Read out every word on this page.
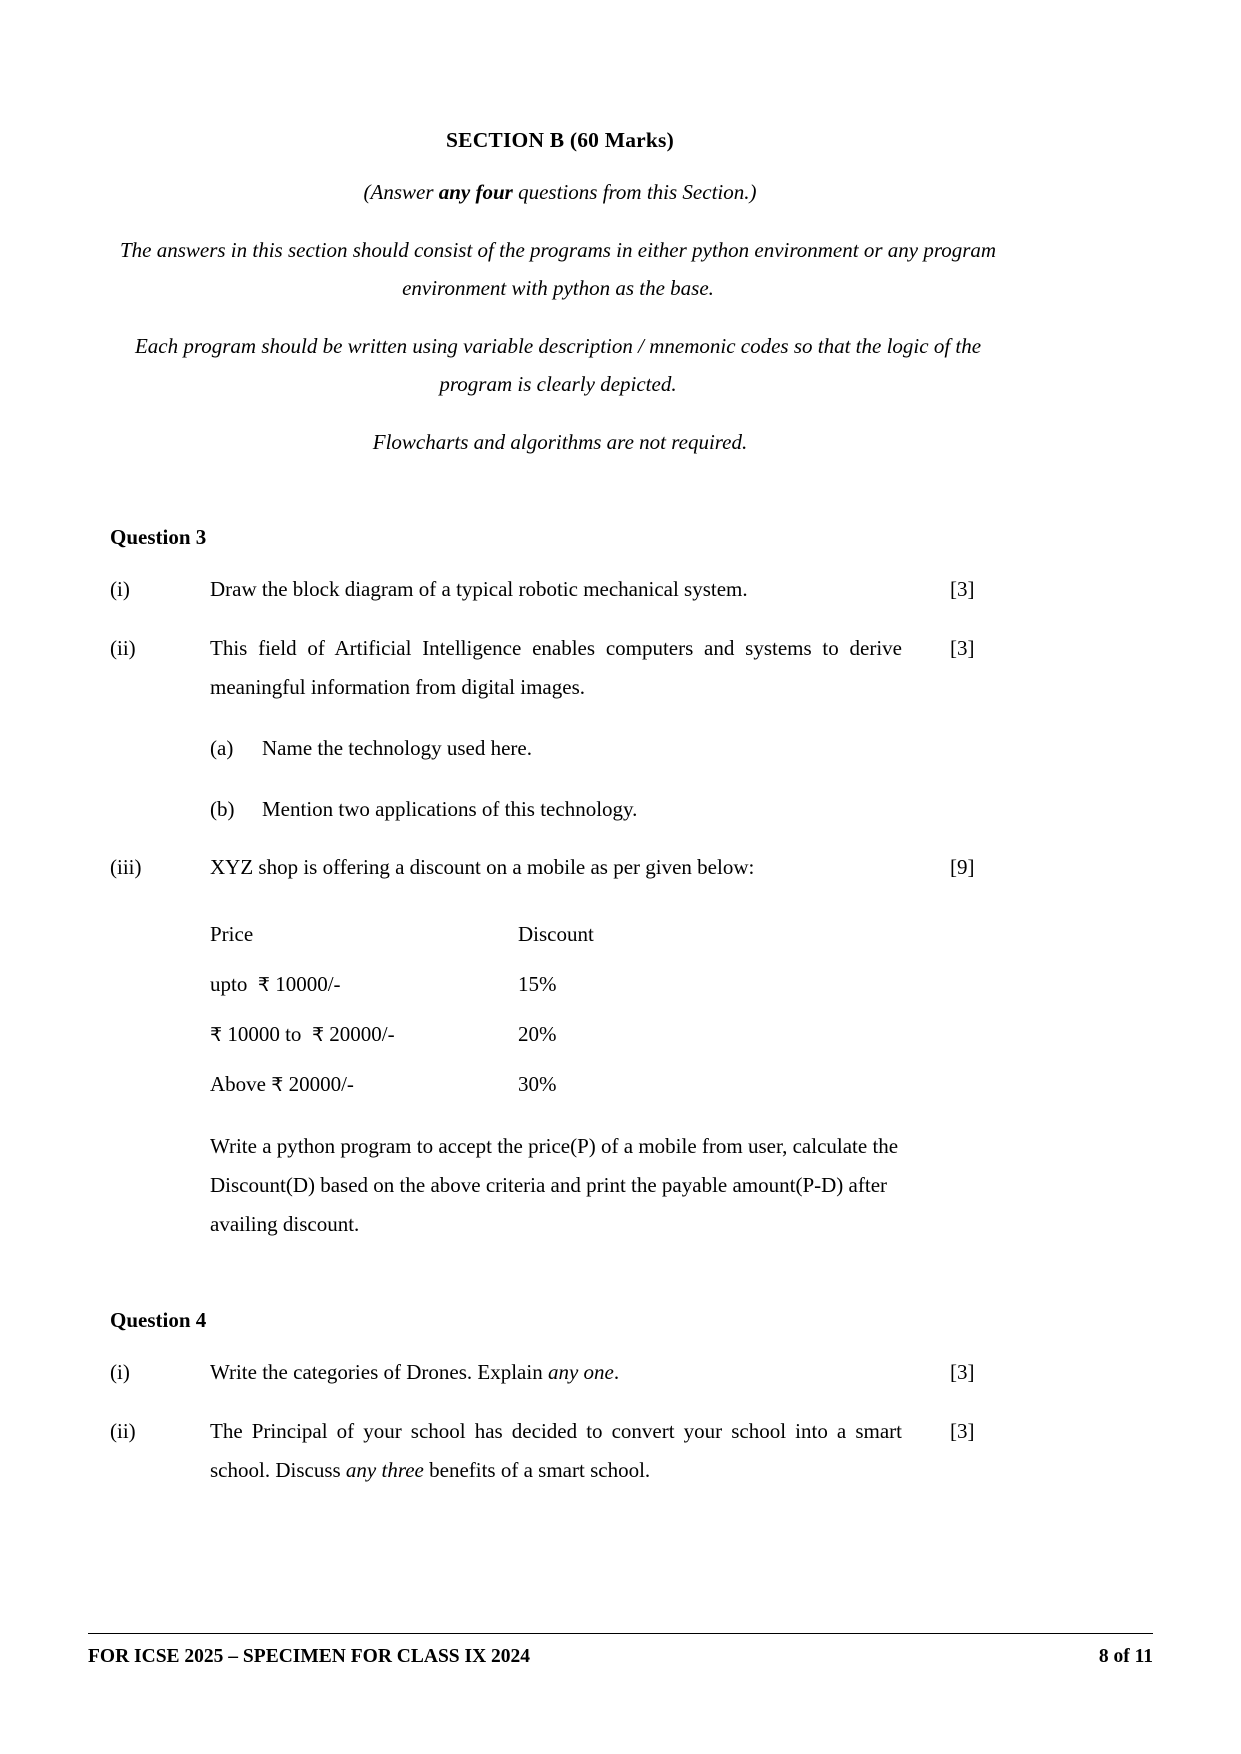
SECTION B (60 Marks)
(Answer any four questions from this Section.)
The answers in this section should consist of the programs in either python environment or any program environment with python as the base.
Each program should be written using variable description / mnemonic codes so that the logic of the program is clearly depicted.
Flowcharts and algorithms are not required.
Question 3
(i)	Draw the block diagram of a typical robotic mechanical system.	[3]
(ii)	This field of Artificial Intelligence enables computers and systems to derive meaningful information from digital images.
[3]
(a)	Name the technology used here.
(b)	Mention two applications of this technology.
(iii)	XYZ shop is offering a discount on a mobile as per given below:	[9]
Price	Discount
upto  ₹ 10000/-	15%
₹ 10000 to  ₹ 20000/-	20%
Above ₹ 20000/-	30%
Write a python program to accept the price(P) of a mobile from user, calculate the Discount(D) based on the above criteria and print the payable amount(P-D) after availing discount.
Question 4
(i)	Write the categories of Drones. Explain any one.	[3]
(ii)	The Principal of your school has decided to convert your school into a smart school. Discuss any three benefits of a smart school.
[3]
FOR ICSE 2025 – SPECIMEN FOR CLASS IX 2024	8 of 11
